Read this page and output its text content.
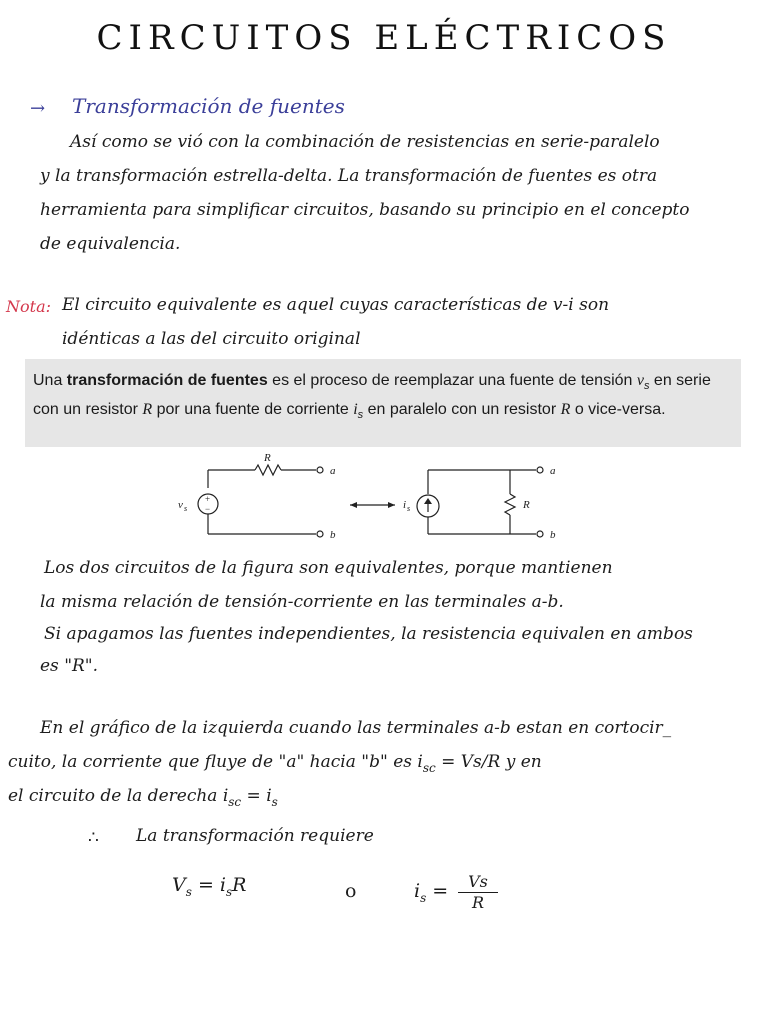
CIRCUITOS ELÉCTRICOS
→ Transformación de fuentes
Así como se vió con la combinación de resistencias en serie-paralelo
y la transformación estrella-delta. La transformación de fuentes es otra
herramienta para simplificar circuitos, basando su principio en el concepto
de equivalencia.
Nota: El circuito equivalente es aquel cuyas características de v-i son
idénticas a las del circuito original
Una transformación de fuentes es el proceso de reemplazar una fuente de tensión $v_s$ en serie con un resistor R por una fuente de corriente $i_s$ en paralelo con un resistor R o vice-versa.
R
v s
+
−
a
b
i s	R
a
b
Los dos circuitos de la figura son equivalentes, porque mantienen
la misma relación de tensión-corriente en las terminales a-b.
Si apagamos las fuentes independientes, la resistencia equivalen en ambos
es "R".
En el gráfico de la izquierda cuando las terminales a-b estan en cortocir_
cuito, la corriente que fluye de "a" hacia "b" es $i_{sc} = Vs/R$ y en
el circuito de la derecha $i_{sc} = i_s$
∴ La transformación requiere
$V_s = i_sR$	o	$i_s = \frac{Vs}{R}$
